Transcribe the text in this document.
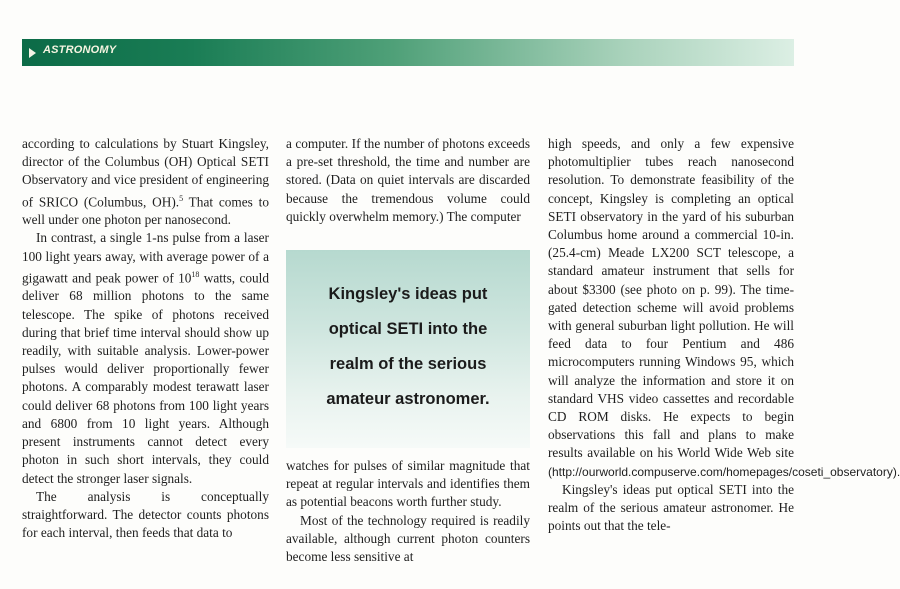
ASTRONOMY

according to calculations by Stuart Kingsley, director of the Columbus (OH) Optical SETI Observatory and vice president of engineering of SRICO (Columbus, OH).$^5$ That comes to well under one photon per nanosecond.

In contrast, a single 1-ns pulse from a laser 100 light years away, with average power of a gigawatt and peak power of $10^{18}$ watts, could deliver 68 million photons to the same telescope. The spike of photons received during that brief time interval should show up readily, with suitable analysis. Lower-power pulses would deliver proportionally fewer photons. A comparably modest terawatt laser could deliver 68 photons from 100 light years and 6800 from 10 light years. Although present instruments cannot detect every photon in such short intervals, they could detect the stronger laser signals.

The analysis is conceptually straightforward. The detector counts photons for each interval, then feeds that data to

a computer. If the number of photons exceeds a pre-set threshold, the time and number are stored. (Data on quiet intervals are discarded because the tremendous volume could quickly overwhelm memory.) The computer

Kingsley's ideas put
optical SETI into the
realm of the serious
amateur astronomer.

watches for pulses of similar magnitude that repeat at regular intervals and identifies them as potential beacons worth further study.

Most of the technology required is readily available, although current photon counters become less sensitive at

high speeds, and only a few expensive photomultiplier tubes reach nanosecond resolution. To demonstrate feasibility of the concept, Kingsley is completing an optical SETI observatory in the yard of his suburban Columbus home around a commercial 10-in. (25.4-cm) Meade LX200 SCT telescope, a standard amateur instrument that sells for about $3300 (see photo on p. 99). The time-gated detection scheme will avoid problems with general suburban light pollution. He will feed data to four Pentium and 486 microcomputers running Windows 95, which will analyze the information and store it on standard VHS video cassettes and recordable CD ROM disks. He expects to begin observations this fall and plans to make results available on his World Wide Web site (http://ourworld.compuserve.com/homepages/coseti_observatory).

Kingsley's ideas put optical SETI into the realm of the serious amateur astronomer. He points out that the tele-
